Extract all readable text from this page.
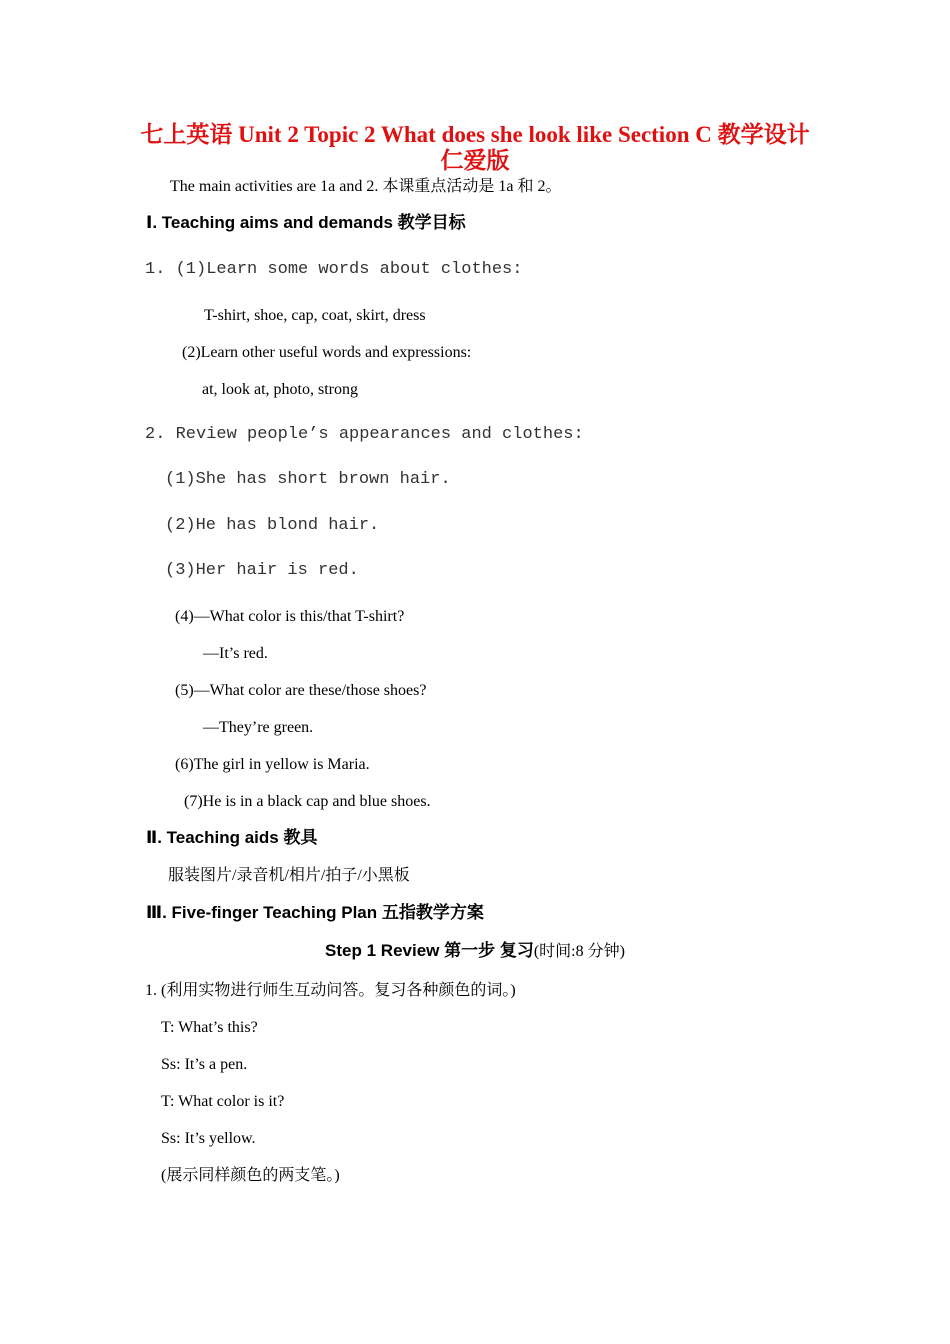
七上英语 Unit 2 Topic 2 What does she look like Section C 教学设计
仁爱版
The main activities are 1a and 2. 本课重点活动是 1a 和 2。
Ⅰ. Teaching aims and demands 教学目标
1. (1)Learn some words about clothes:
T-shirt, shoe, cap, coat, skirt, dress
(2)Learn other useful words and expressions:
at, look at, photo, strong
2. Review people’s appearances and clothes:
(1)She has short brown hair.
(2)He has blond hair.
(3)Her hair is red.
(4)—What color is this/that T-shirt?
—It’s red.
(5)—What color are these/those shoes?
—They’re green.
(6)The girl in yellow is Maria.
(7)He is in a black cap and blue shoes.
Ⅱ. Teaching aids 教具
服装图片/录音机/相片/拍子/小黑板
Ⅲ. Five-finger Teaching Plan 五指教学方案
Step 1 Review 第一步 复习(时间:8 分钟)
1. (利用实物进行师生互动问答。复习各种颜色的词。)
T: What’s this?
Ss: It’s a pen.
T: What color is it?
Ss: It’s yellow.
(展示同样颜色的两支笔。)
